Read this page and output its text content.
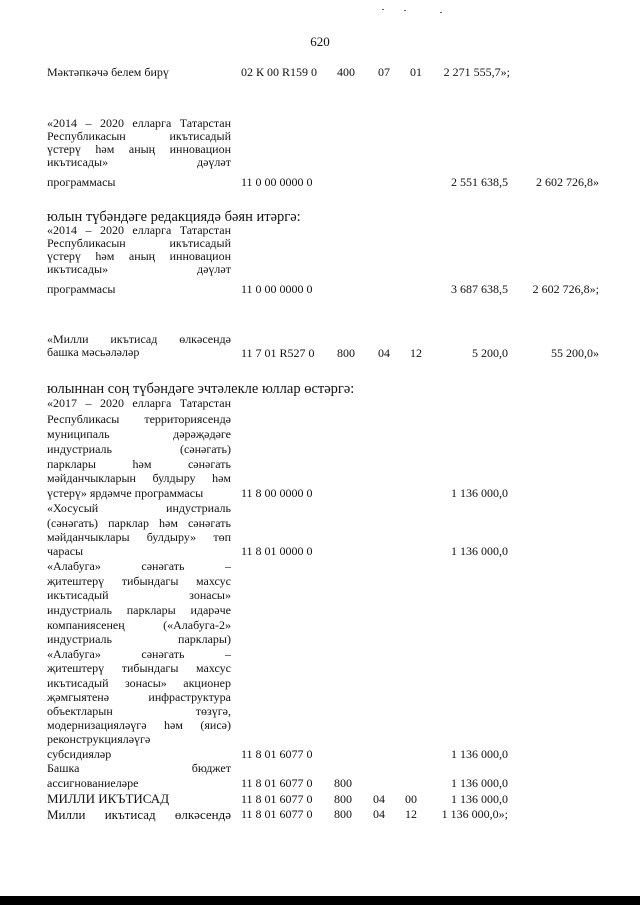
620
Мәктәпкәчә белем бирү	02 К 00 R159 0 400 07 01	2 271 555,7»;
«2014 – 2020 елларга Татарстан
Республикасын икътисадый
үстерү һәм аның инновацион
икътисады» дәүләт
программасы	11 0 00 0000 0	2 551 638,5	2 602 726,8»
юлын түбәндәге редакциядә бәян итәргә:
«2014 – 2020 елларга Татарстан
Республикасын икътисадый
үстерү һәм аның инновацион
икътисады» дәүләт
программасы	11 0 00 0000 0	3 687 638,5	2 602 726,8»;
«Милли икътисад өлкәсендә
башка мәсьәләләр	11 7 01 R527 0 800 04 12	5 200,0	55 200,0»
юлыннан соң түбәндәге эчтәлекле юллар өстәргә:
«2017 – 2020 елларга Татарстан
Республикасы территориясендә
муниципаль дәрәҗәдәге
индустриаль (сәнәгать)
парклары һәм сәнәгать
мәйданчыкларын булдыру һәм
үстерү» ярдәмче программасы	11 8 00 0000 0	1 136 000,0
«Хосусый индустриаль
(сәнәгать) парклар һәм сәнәгать
мәйданчыклары булдыру» төп
чарасы	11 8 01 0000 0	1 136 000,0
«Алабуга» сәнәгать –
җитештерү тибындагы махсус
икътисадый зонасы»
индустриаль парклары идарәче
компаниясенең («Алабуга-2»
индустриаль парклары)
«Алабуга» сәнәгать –
җитештерү тибындагы махсус
икътисадый зонасы» акционер
җәмгыятенә инфраструктура
объектларын төзүгә,
модернизацияләүгә һәм (яисә)
реконструкцияләүгә
субсидияләр	11 8 01 6077 0	1 136 000,0
Башка бюджет
ассигнованиеләре	11 8 01 6077 0 800	1 136 000,0
МИЛЛИ ИКЪТИСАД	11 8 01 6077 0 800 04 00	1 136 000,0
Милли икътисад өлкәсендә 11 8 01 6077 0 800 04 12	1 136 000,0»;
